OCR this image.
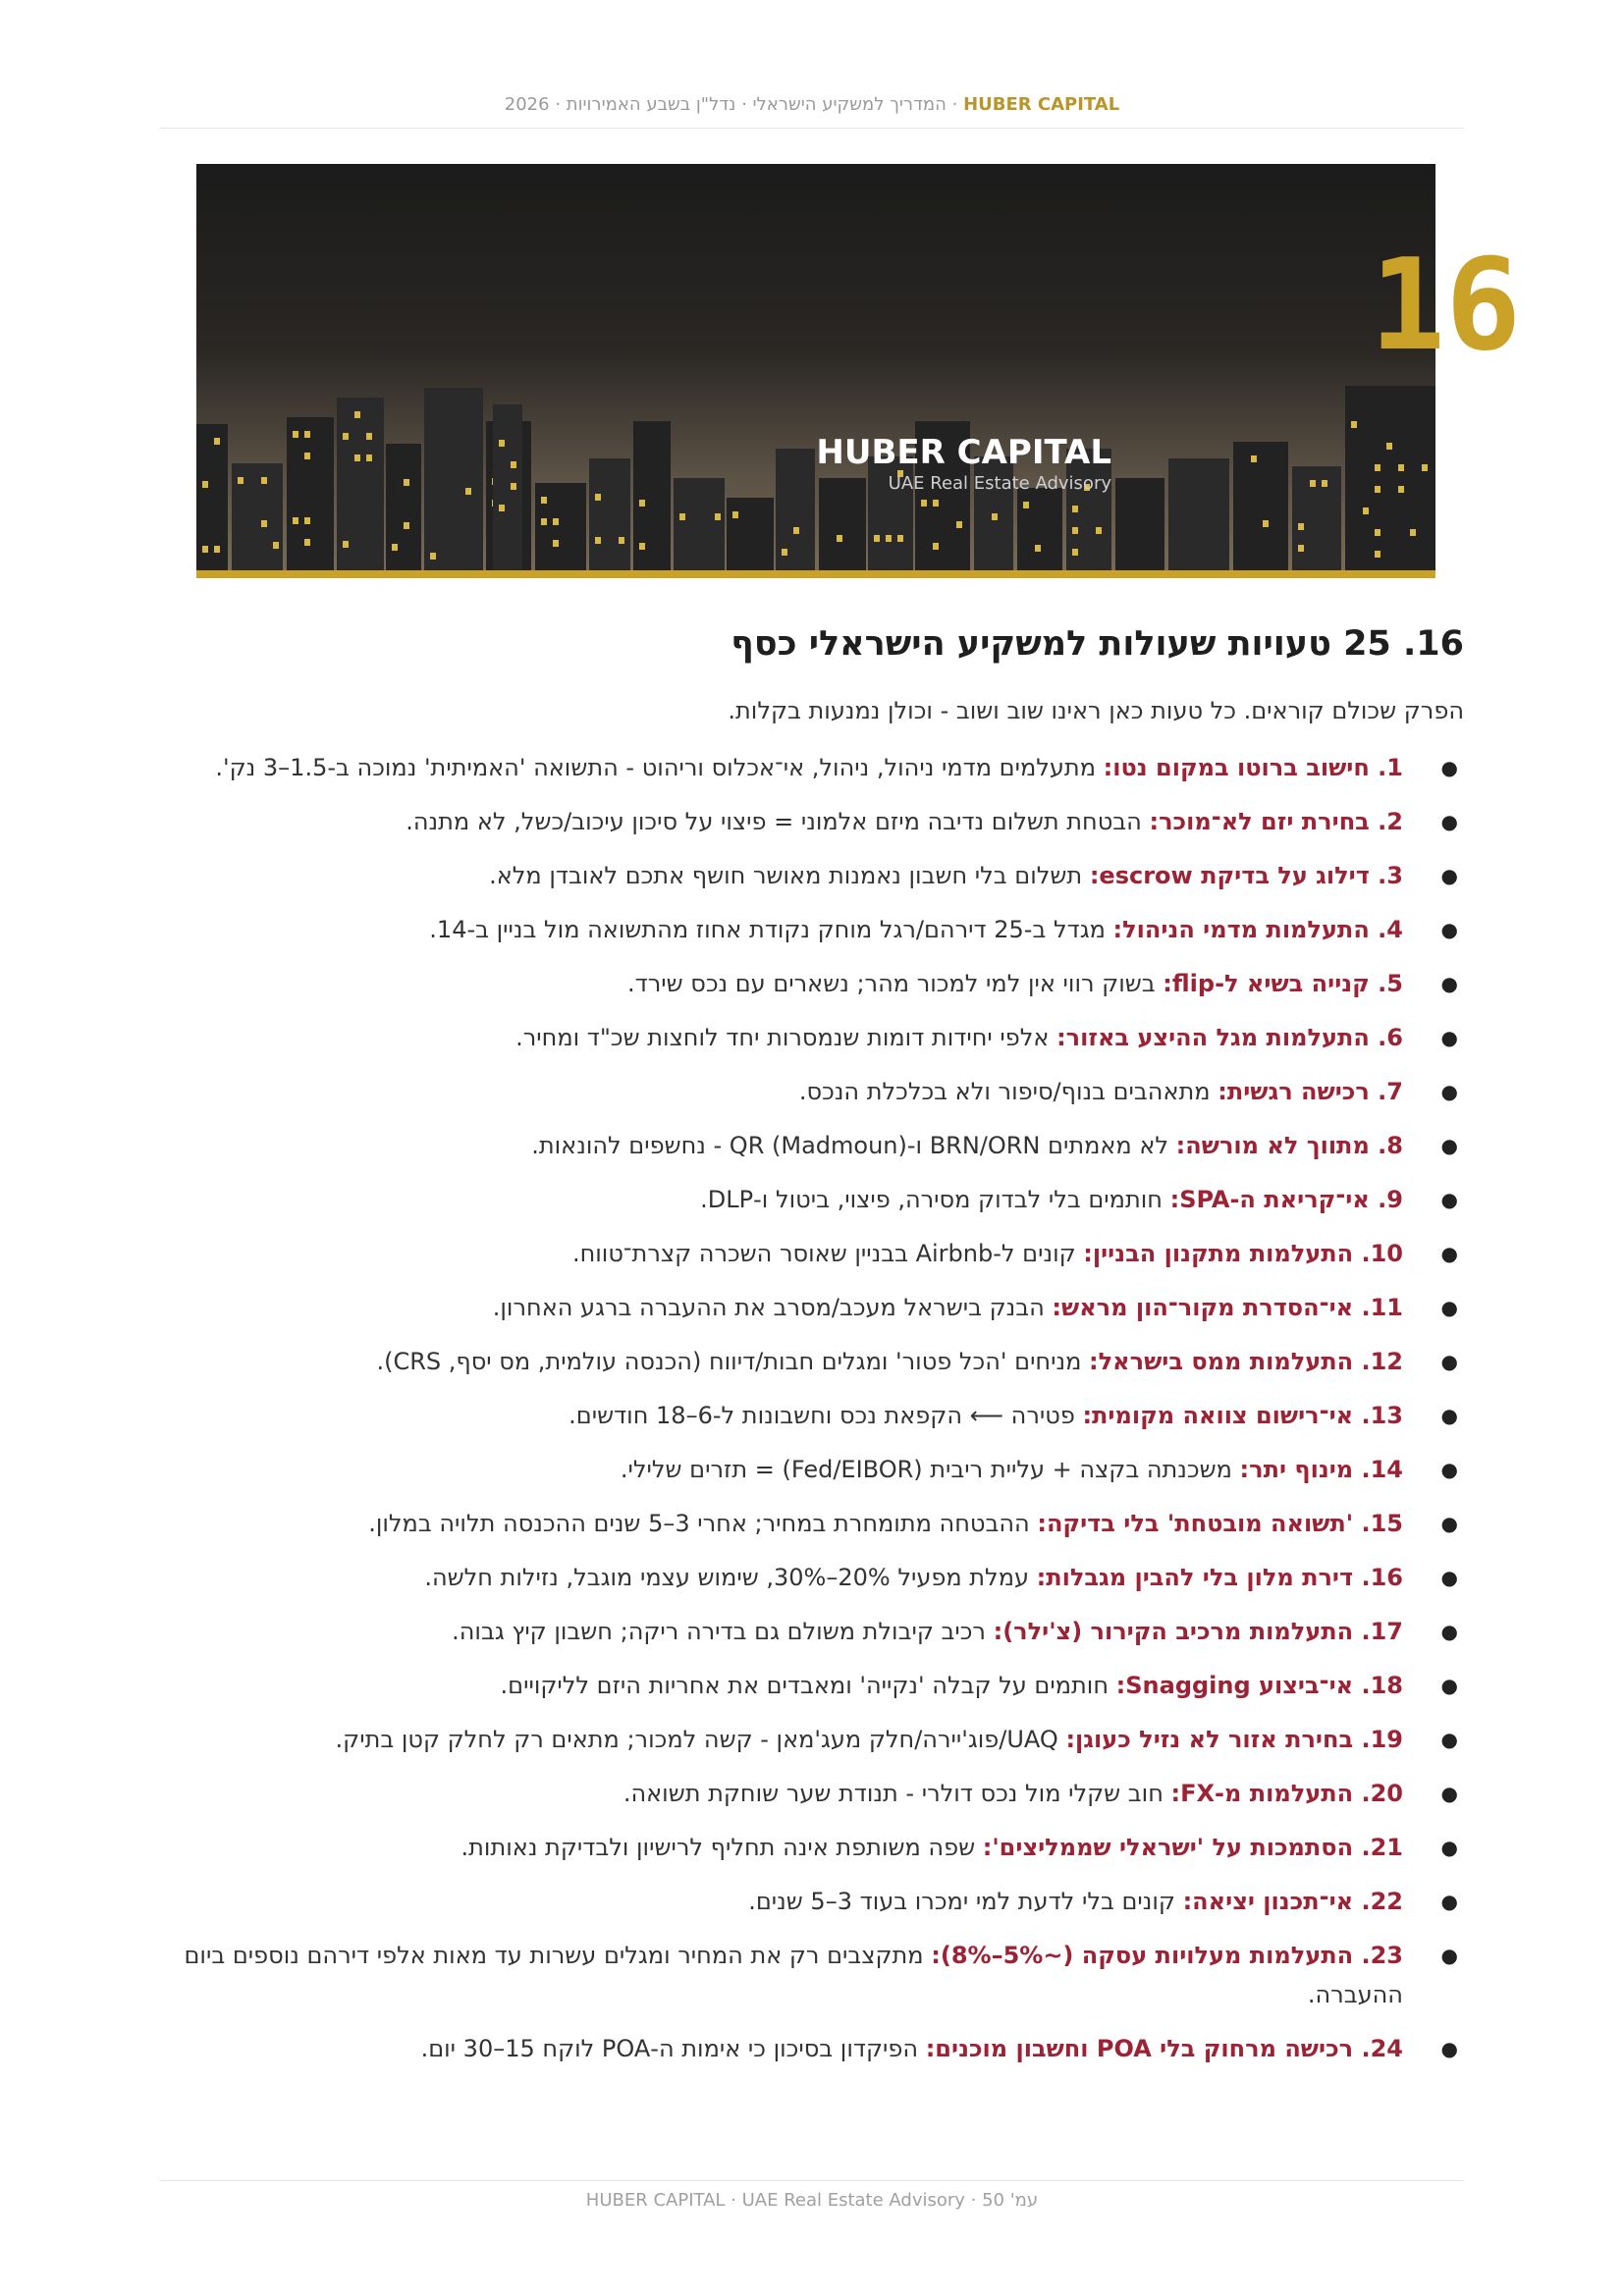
HUBER CAPITAL · המדריך למשקיע הישראלי · נדל"ן בשבע האמירויות · 2026
16
HUBER CAPITAL
UAE Real Estate Advisory
16. 25 טעויות שעולות למשקיע הישראלי כסף

הפרק שכולם קוראים. כל טעות כאן ראינו שוב ושוב - וכולן נמנעות בקלות.

●
1. חישוב ברוטו במקום נטו: מתעלמים מדמי ניהול, ניהול, אי־אכלוס וריהוט - התשואה 'האמיתית' נמוכה ב-1.5–3 נק'.
●
2. בחירת יזם לא־מוכר: הבטחת תשלום נדיבה מיזם אלמוני = פיצוי על סיכון עיכוב/כשל, לא מתנה.
●
3. דילוג על בדיקת escrow: תשלום בלי חשבון נאמנות מאושר חושף אתכם לאובדן מלא.
●
4. התעלמות מדמי הניהול: מגדל ב-25 דירהם/רגל מוחק נקודת אחוז מהתשואה מול בניין ב-14.
●
5. קנייה בשיא ל-flip: בשוק רווי אין למי למכור מהר; נשארים עם נכס שירד.
●
6. התעלמות מגל ההיצע באזור: אלפי יחידות דומות שנמסרות יחד לוחצות שכ"ד ומחיר.
●
7. רכישה רגשית: מתאהבים בנוף/סיפור ולא בכלכלת הנכס.
●
8. מתווך לא מורשה: לא מאמתים BRN/ORN ו-QR (Madmoun) - נחשפים להונאות.
●
9. אי־קריאת ה-SPA: חותמים בלי לבדוק מסירה, פיצוי, ביטול ו-DLP.
●
10. התעלמות מתקנון הבניין: קונים ל-Airbnb בבניין שאוסר השכרה קצרת־טווח.
●
11. אי־הסדרת מקור־הון מראש: הבנק בישראל מעכב/מסרב את ההעברה ברגע האחרון.
●
12. התעלמות ממס בישראל: מניחים 'הכל פטור' ומגלים חבות/דיווח (הכנסה עולמית, מס יסף, CRS).
●
13. אי־רישום צוואה מקומית: פטירה ⟵ הקפאת נכס וחשבונות ל-6–18 חודשים.
●
14. מינוף יתר: משכנתה בקצה + עליית ריבית (Fed/EIBOR) = תזרים שלילי.
●
15. 'תשואה מובטחת' בלי בדיקה: ההבטחה מתומחרת במחיר; אחרי 3–5 שנים ההכנסה תלויה במלון.
●
16. דירת מלון בלי להבין מגבלות: עמלת מפעיל 20%–30%, שימוש עצמי מוגבל, נזילות חלשה.
●
17. התעלמות מרכיב הקירור (צ'ילר): רכיב קיבולת משולם גם בדירה ריקה; חשבון קיץ גבוה.
●
18. אי־ביצוע Snagging: חותמים על קבלה 'נקייה' ומאבדים את אחריות היזם לליקויים.
●
19. בחירת אזור לא נזיל כעוגן: UAQ/פוג'יירה/חלק מעג'מאן - קשה למכור; מתאים רק לחלק קטן בתיק.
●
20. התעלמות מ-FX: חוב שקלי מול נכס דולרי - תנודת שער שוחקת תשואה.
●
21. הסתמכות על 'ישראלי שממליצים': שפה משותפת אינה תחליף לרישיון ולבדיקת נאותות.
●
22. אי־תכנון יציאה: קונים בלי לדעת למי ימכרו בעוד 3–5 שנים.
●
23. התעלמות מעלויות עסקה (~5%–8%): מתקצבים רק את המחיר ומגלים עשרות עד מאות אלפי דירהם נוספים ביום ההעברה.
●
24. רכישה מרחוק בלי POA וחשבון מוכנים: הפיקדון בסיכון כי אימות ה-POA לוקח 15–30 יום.
עמ' 50 · HUBER CAPITAL · UAE Real Estate Advisory
